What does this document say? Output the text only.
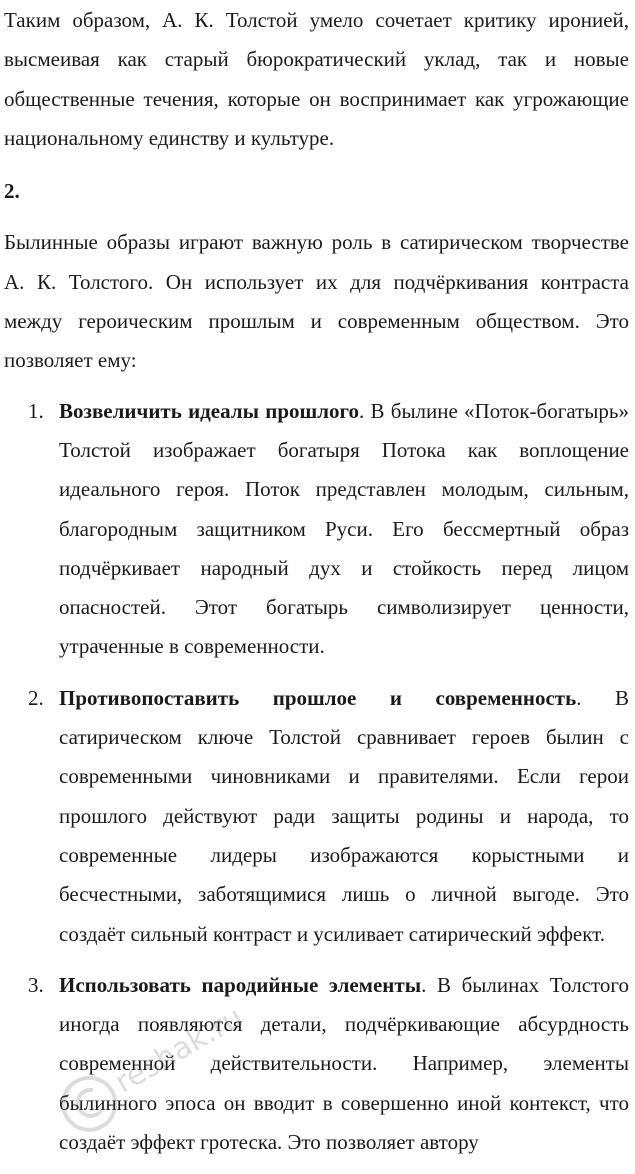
Таким образом, А. К. Толстой умело сочетает критику иронией, высмеивая как старый бюрократический уклад, так и новые общественные течения, которые он воспринимает как угрожающие национальному единству и культуре.

2.

Былинные образы играют важную роль в сатирическом творчестве А. К. Толстого. Он использует их для подчёркивания контраста между героическим прошлым и современным обществом. Это позволяет ему:

1. Возвеличить идеалы прошлого. В былине «Поток-богатырь» Толстой изображает богатыря Потока как воплощение идеального героя. Поток представлен молодым, сильным, благородным защитником Руси. Его бессмертный образ подчёркивает народный дух и стойкость перед лицом опасностей. Этот богатырь символизирует ценности, утраченные в современности.

2. Противопоставить прошлое и современность. В сатирическом ключе Толстой сравнивает героев былин с современными чиновниками и правителями. Если герои прошлого действуют ради защиты родины и народа, то современные лидеры изображаются корыстными и бесчестными, заботящимися лишь о личной выгоде. Это создаёт сильный контраст и усиливает сатирический эффект.

3. Использовать пародийные элементы. В былинах Толстого иногда появляются детали, подчёркивающие абсурдность современной действительности. Например, элементы былинного эпоса он вводит в совершенно иной контекст, что создаёт эффект гротеска. Это позволяет автору

reshak.ru
